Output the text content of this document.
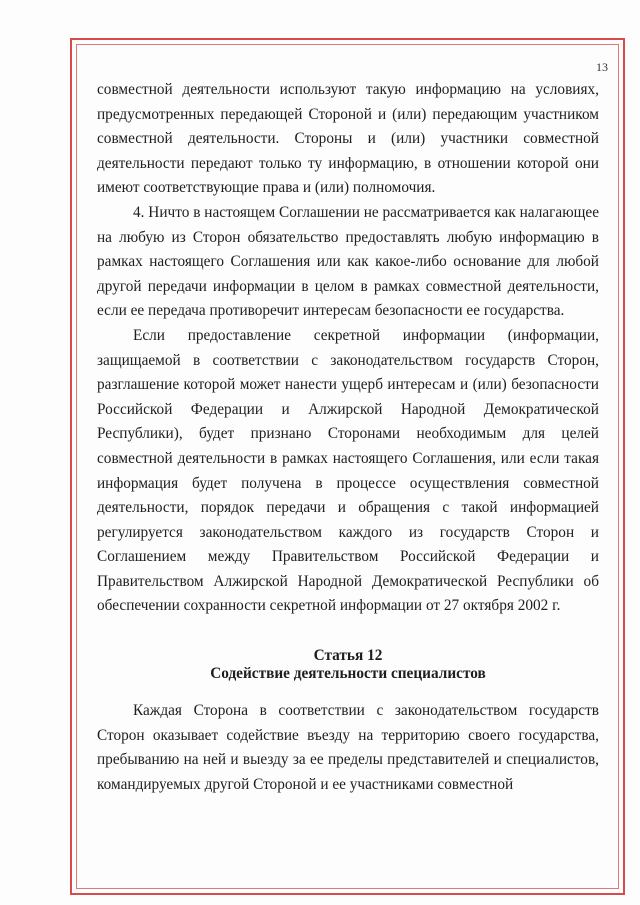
13

совместной деятельности используют такую информацию на условиях, предусмотренных передающей Стороной и (или) передающим участником совместной деятельности. Стороны и (или) участники совместной деятельности передают только ту информацию, в отношении которой они имеют соответствующие права и (или) полномочия.

4. Ничто в настоящем Соглашении не рассматривается как налагающее на любую из Сторон обязательство предоставлять любую информацию в рамках настоящего Соглашения или как какое-либо основание для любой другой передачи информации в целом в рамках совместной деятельности, если ее передача противоречит интересам безопасности ее государства.

Если предоставление секретной информации (информации, защищаемой в соответствии с законодательством государств Сторон, разглашение которой может нанести ущерб интересам и (или) безопасности Российской Федерации и Алжирской Народной Демократической Республики), будет признано Сторонами необходимым для целей совместной деятельности в рамках настоящего Соглашения, или если такая информация будет получена в процессе осуществления совместной деятельности, порядок передачи и обращения с такой информацией регулируется законодательством каждого из государств Сторон и Соглашением между Правительством Российской Федерации и Правительством Алжирской Народной Демократической Республики об обеспечении сохранности секретной информации от 27 октября 2002 г.

Статья 12
Содействие деятельности специалистов

Каждая Сторона в соответствии с законодательством государств Сторон оказывает содействие въезду на территорию своего государства, пребыванию на ней и выезду за ее пределы представителей и специалистов, командируемых другой Стороной и ее участниками совместной
